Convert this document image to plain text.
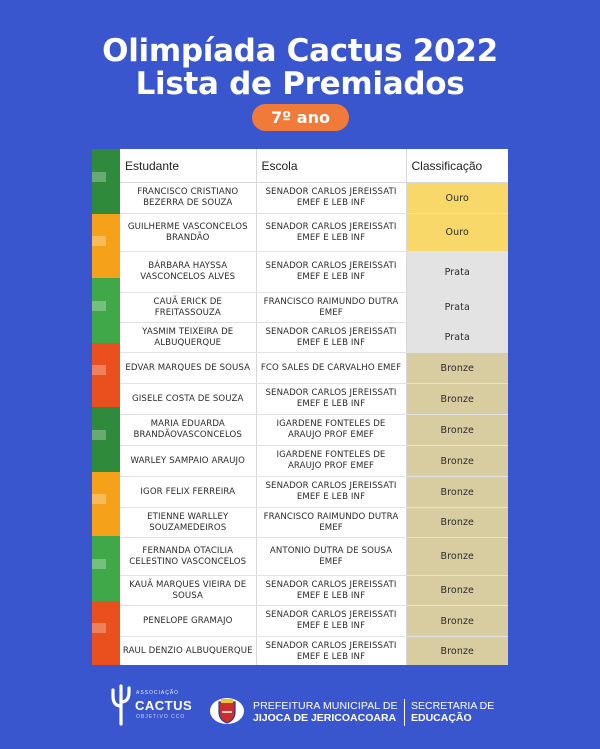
Olimpíada Cactus 2022
Lista de Premiados
7º ano
Estudante	Escola	Classificação
FRANCISCO CRISTIANO BEZERRA DE SOUZA	SENADOR CARLOS JEREISSATI EMEF E LEB INF	Ouro
GUILHERME VASCONCELOS BRANDÃO	SENADOR CARLOS JEREISSATI EMEF E LEB INF	Ouro
BÁRBARA HAYSSA VASCONCELOS ALVES	SENADOR CARLOS JEREISSATI EMEF E LEB INF	Prata
CAUÃ ERICK DE FREITASSOUZA	FRANCISCO RAIMUNDO DUTRA EMEF	Prata
YASMIM TEIXEIRA DE ALBUQUERQUE	SENADOR CARLOS JEREISSATI EMEF E LEB INF	Prata
EDVAR MARQUES DE SOUSA	FCO SALES DE CARVALHO EMEF	Bronze
GISELE COSTA DE SOUZA	SENADOR CARLOS JEREISSATI EMEF E LEB INF	Bronze
MARIA EDUARDA BRANDÃOVASCONCELOS	IGARDENE FONTELES DE ARAUJO PROF EMEF	Bronze
WARLEY SAMPAIO ARAUJO	IGARDENE FONTELES DE ARAUJO PROF EMEF	Bronze
IGOR FELIX FERREIRA	SENADOR CARLOS JEREISSATI EMEF E LEB INF	Bronze
ETIENNE WARLLEY SOUZAMEDEIROS	FRANCISCO RAIMUNDO DUTRA EMEF	Bronze
FERNANDA OTACILIA CELESTINO VASCONCELOS	ANTONIO DUTRA DE SOUSA EMEF	Bronze
KAUÃ MARQUES VIEIRA DE SOUSA	SENADOR CARLOS JEREISSATI EMEF E LEB INF	Bronze
PENELOPE GRAMAJO	SENADOR CARLOS JEREISSATI EMEF E LEB INF	Bronze
RAUL DENZIO ALBUQUERQUE	SENADOR CARLOS JEREISSATI EMEF E LEB INF	Bronze
ASSOCIAÇÃO
CACTUS
OBJETIVO CCO
PREFEITURA MUNICIPAL DE
JIJOCA DE JERICOACOARA
SECRETARIA DE
EDUCAÇÃO
